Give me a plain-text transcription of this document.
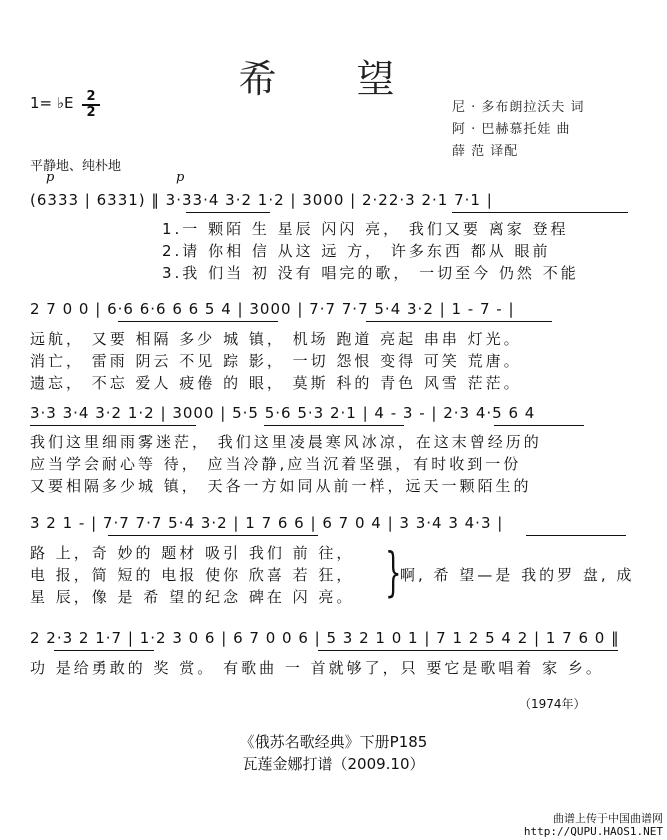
希 望
1= ♭E	2
2	尼 · 多布朗拉沃夫 词
阿 · 巴赫慕托娃 曲
薛 范 译配
平静地、纯朴地
p	p
(6333 | 6331) ‖ 3·33·4 3·2 1·2 | 3000 | 2·22·3 2·1 7·1 |
1.一 颗陌 生 星辰 闪闪 亮， 我们又要 离家 登程
2.请 你相 信 从这 远 方， 许多东西 都从 眼前
3.我 们当 初 没有 唱完的歌， 一切至今 仍然 不能
2 7 0 0 | 6·6 6·6 6 6 5 4 | 3000 | 7·7 7·7 5·4 3·2 | 1 - 7 - |
远航， 又要 相隔 多少 城 镇， 机场 跑道 亮起 串串 灯光。
消亡， 雷雨 阴云 不见 踪 影， 一切 怨恨 变得 可笑 荒唐。
遗忘， 不忘 爱人 疲倦 的 眼， 莫斯 科的 青色 风雪 茫茫。
3·3 3·4 3·2 1·2 | 3000 | 5·5 5·6 5·3 2·1 | 4 - 3 - | 2·3 4·5 6 4
我们这里细雨雾迷茫， 我们这里凌晨寒风冰凉，在这末曾经历的
应当学会耐心等 待， 应当冷静,应当沉着坚强，有时收到一份
又要相隔多少城 镇， 天各一方如同从前一样，远天一颗陌生的
3 2 1 - | 7·7 7·7 5·4 3·2 | 1 7 6 6 | 6 7 0 4 | 3 3·4 3 4·3 |
路 上，奇 妙的 题材 吸引 我们 前 往，
电 报，简 短的 电报 使你 欣喜 若 狂，
星 辰，像 是 希 望的纪念 碑在 闪 亮。 }
啊, 希 望—是 我的罗 盘, 成
2 2·3 2 1·7 | 1·2 3 0 6 | 6 7 0 0 6 | 5 3 2 1 0 1 | 7 1 2 5 4 2 | 1 7 6 0 ‖
功 是给勇敢的 奖 赏。 有歌曲 一 首就够了，只 要它是歌唱着 家 乡。
（1974年）
《俄苏名歌经典》下册P185
瓦莲金娜打谱（2009.10）
曲谱上传于中国曲谱网
http://QUPU.HAOS1.NET
